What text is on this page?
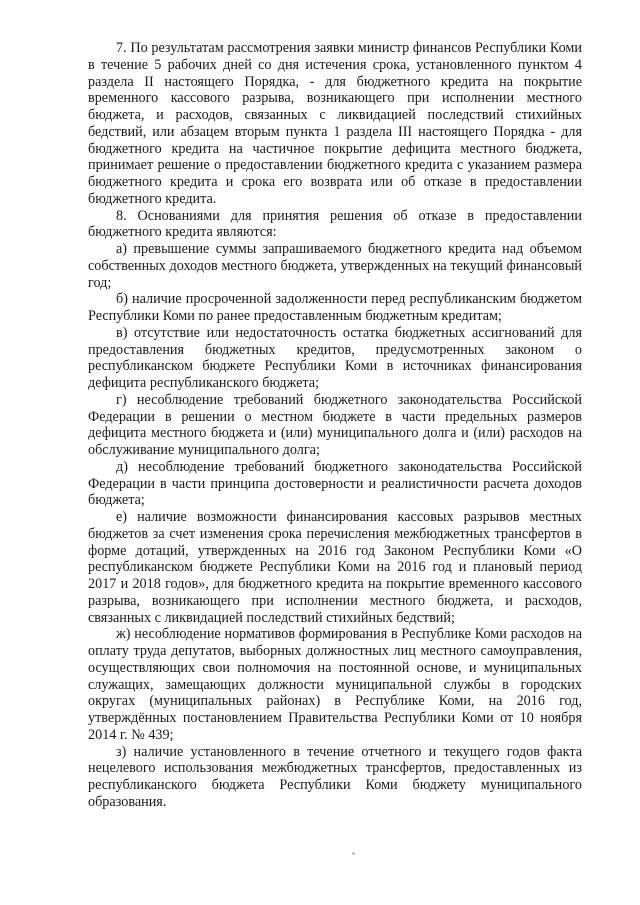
7. По результатам рассмотрения заявки министр финансов Республики Коми в течение 5 рабочих дней со дня истечения срока, установленного пунктом 4 раздела II настоящего Порядка, - для бюджетного кредита на покрытие временного кассового разрыва, возникающего при исполнении местного бюджета, и расходов, связанных с ликвидацией последствий стихийных бедствий, или абзацем вторым пункта 1 раздела III настоящего Порядка - для бюджетного кредита на частичное покрытие дефицита местного бюджета, принимает решение о предоставлении бюджетного кредита с указанием размера бюджетного кредита и срока его возврата или об отказе в предоставлении бюджетного кредита.

8. Основаниями для принятия решения об отказе в предоставлении бюджетного кредита являются:

а) превышение суммы запрашиваемого бюджетного кредита над объемом собственных доходов местного бюджета, утвержденных на текущий финансовый год;

б) наличие просроченной задолженности перед республиканским бюджетом Республики Коми по ранее предоставленным бюджетным кредитам;

в) отсутствие или недостаточность остатка бюджетных ассигнований для предоставления бюджетных кредитов, предусмотренных законом о республиканском бюджете Республики Коми в источниках финансирования дефицита республиканского бюджета;

г) несоблюдение требований бюджетного законодательства Российской Федерации в решении о местном бюджете в части предельных размеров дефицита местного бюджета и (или) муниципального долга и (или) расходов на обслуживание муниципального долга;

д) несоблюдение требований бюджетного законодательства Российской Федерации в части принципа достоверности и реалистичности расчета доходов бюджета;

е) наличие возможности финансирования кассовых разрывов местных бюджетов за счет изменения срока перечисления межбюджетных трансфертов в форме дотаций, утвержденных на 2016 год Законом Республики Коми «О республиканском бюджете Республики Коми на 2016 год и плановый период 2017 и 2018 годов», для бюджетного кредита на покрытие временного кассового разрыва, возникающего при исполнении местного бюджета, и расходов, связанных с ликвидацией последствий стихийных бедствий;

ж) несоблюдение нормативов формирования в Республике Коми расходов на оплату труда депутатов, выборных должностных лиц местного самоуправления, осуществляющих свои полномочия на постоянной основе, и муниципальных служащих, замещающих должности муниципальной службы в городских округах (муниципальных районах) в Республике Коми, на 2016 год, утверждённых постановлением Правительства Республики Коми от 10 ноября 2014 г. № 439;

з) наличие установленного в течение отчетного и текущего годов факта нецелевого использования межбюджетных трансфертов, предоставленных из республиканского бюджета Республики Коми бюджету муниципального образования.
